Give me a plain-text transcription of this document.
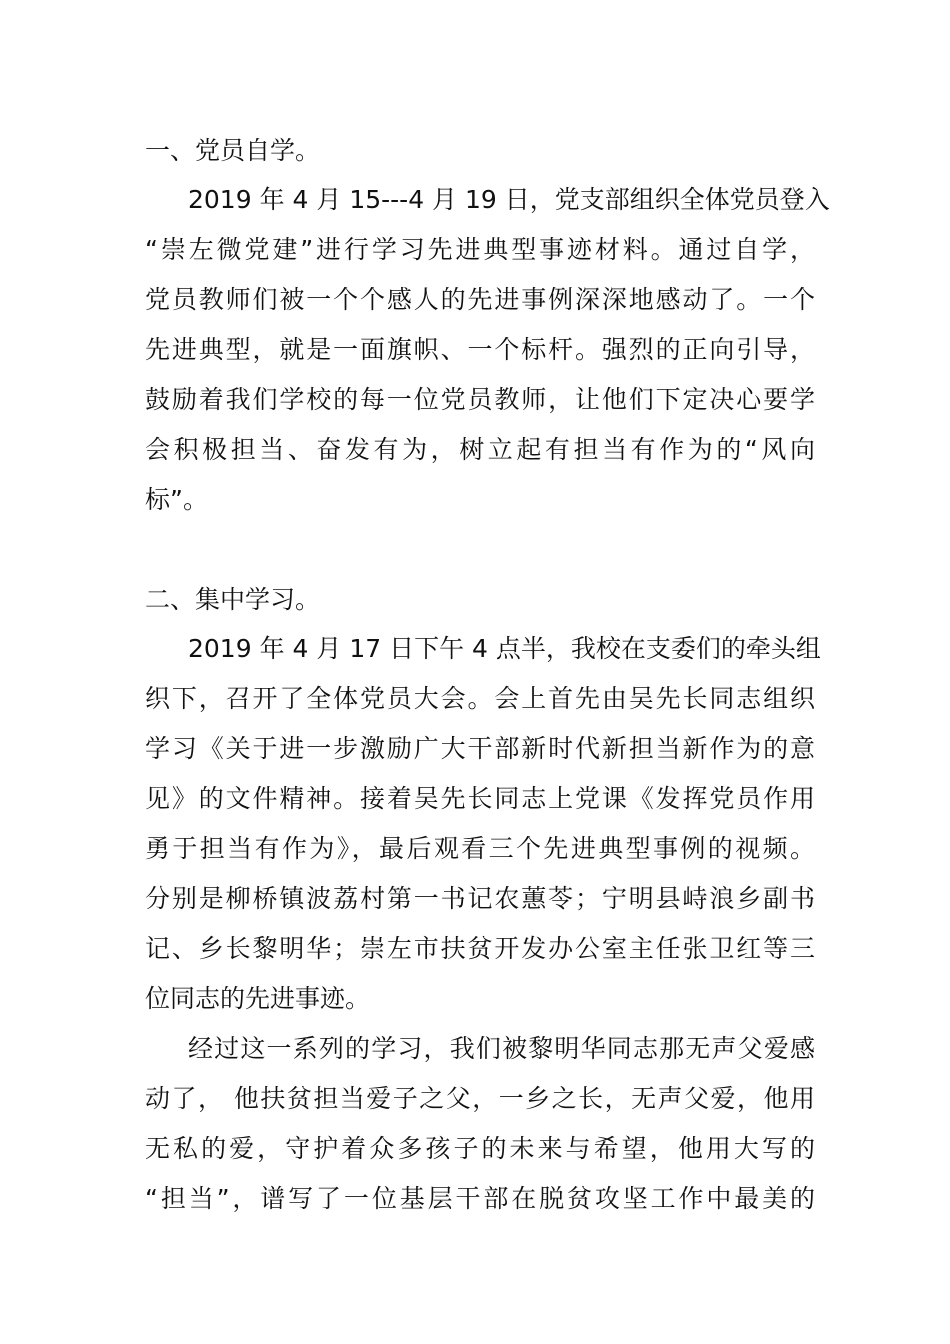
一、党员自学。
2019 年 4 月 15---4 月 19 日，党支部组织全体党员登入
“崇左微党建”进行学习先进典型事迹材料。通过自学，
党员教师们被一个个感人的先进事例深深地感动了。一个
先进典型，就是一面旗帜、一个标杆。强烈的正向引导，
鼓励着我们学校的每一位党员教师，让他们下定决心要学
会积极担当、奋发有为，树立起有担当有作为的“风向
标”。
二、集中学习。
2019 年 4 月 17 日下午 4 点半，我校在支委们的牵头组
织下，召开了全体党员大会。会上首先由吴先长同志组织
学习《关于进一步激励广大干部新时代新担当新作为的意
见》的文件精神。接着吴先长同志上党课《发挥党员作用
勇于担当有作为》，最后观看三个先进典型事例的视频。
分别是柳桥镇波荔村第一书记农蕙苓；宁明县峙浪乡副书
记、乡长黎明华；崇左市扶贫开发办公室主任张卫红等三
位同志的先进事迹。
经过这一系列的学习，我们被黎明华同志那无声父爱感
动了， 他扶贫担当爱子之父，一乡之长，无声父爱，他用
无私的爱，守护着众多孩子的未来与希望，他用大写的
“担当”，谱写了一位基层干部在脱贫攻坚工作中最美的
